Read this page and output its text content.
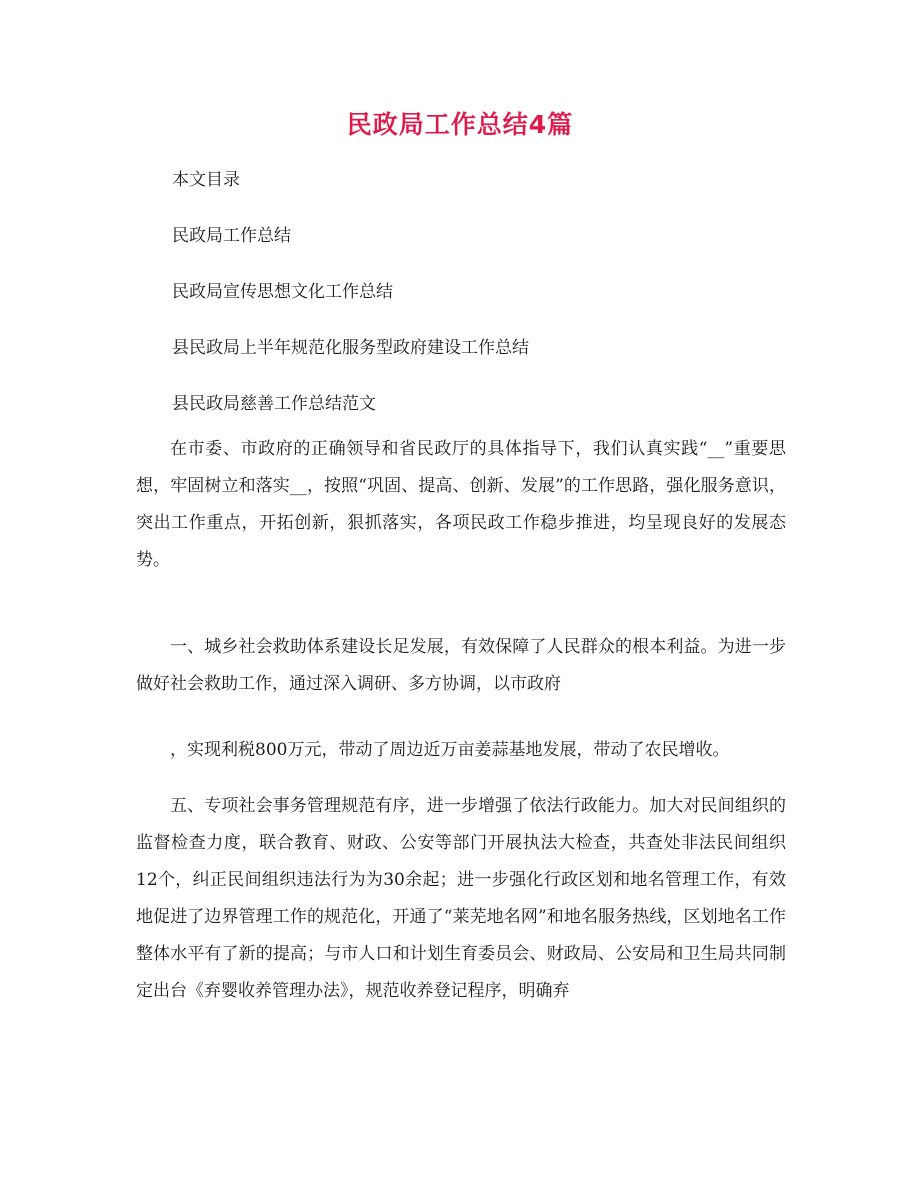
民政局工作总结4篇
本文目录
民政局工作总结
民政局宣传思想文化工作总结
县民政局上半年规范化服务型政府建设工作总结
县民政局慈善工作总结范文

在市委、市政府的正确领导和省民政厅的具体指导下，我们认真实践“__”重要思想，牢固树立和落实__，按照“巩固、提高、创新、发展”的工作思路，强化服务意识，突出工作重点，开拓创新，狠抓落实，各项民政工作稳步推进，均呈现良好的发展态势。

一、城乡社会救助体系建设长足发展，有效保障了人民群众的根本利益。为进一步做好社会救助工作，通过深入调研、多方协调，以市政府

，实现利税800万元，带动了周边近万亩姜蒜基地发展，带动了农民增收。

五、专项社会事务管理规范有序，进一步增强了依法行政能力。加大对民间组织的监督检查力度，联合教育、财政、公安等部门开展执法大检查，共查处非法民间组织12个，纠正民间组织违法行为为30余起；进一步强化行政区划和地名管理工作，有效地促进了边界管理工作的规范化，开通了“莱芜地名网”和地名服务热线，区划地名工作整体水平有了新的提高；与市人口和计划生育委员会、财政局、公安局和卫生局共同制定出台《弃婴收养管理办法》，规范收养登记程序，明确弃
